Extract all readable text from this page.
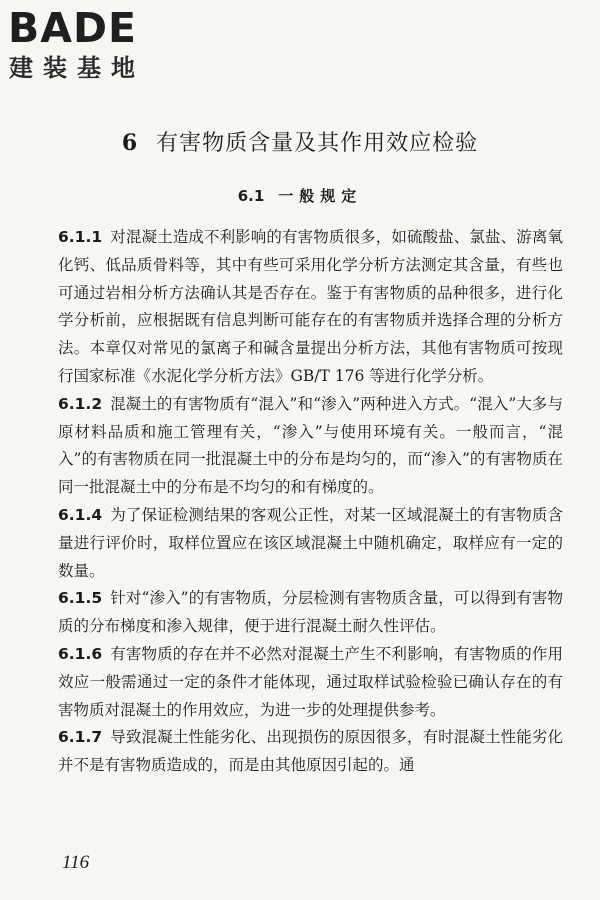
BADE
建装基地
6 有害物质含量及其作用效应检验
6.1 一般规定

6.1.1 对混凝土造成不利影响的有害物质很多，如硫酸盐、氯盐、游离氧化钙、低品质骨料等，其中有些可采用化学分析方法测定其含量，有些也可通过岩相分析方法确认其是否存在。鉴于有害物质的品种很多，进行化学分析前，应根据既有信息判断可能存在的有害物质并选择合理的分析方法。本章仅对常见的氯离子和碱含量提出分析方法，其他有害物质可按现行国家标准《水泥化学分析方法》GB/T 176 等进行化学分析。

6.1.2 混凝土的有害物质有“混入”和“渗入”两种进入方式。“混入”大多与原材料品质和施工管理有关，“渗入”与使用环境有关。一般而言，“混入”的有害物质在同一批混凝土中的分布是均匀的，而“渗入”的有害物质在同一批混凝土中的分布是不均匀的和有梯度的。

6.1.4 为了保证检测结果的客观公正性，对某一区域混凝土的有害物质含量进行评价时，取样位置应在该区域混凝土中随机确定，取样应有一定的数量。

6.1.5 针对“渗入”的有害物质，分层检测有害物质含量，可以得到有害物质的分布梯度和渗入规律，便于进行混凝土耐久性评估。

6.1.6 有害物质的存在并不必然对混凝土产生不利影响，有害物质的作用效应一般需通过一定的条件才能体现，通过取样试验检验已确认存在的有害物质对混凝土的作用效应，为进一步的处理提供参考。

6.1.7 导致混凝土性能劣化、出现损伤的原因很多，有时混凝土性能劣化并不是有害物质造成的，而是由其他原因引起的。通

116
